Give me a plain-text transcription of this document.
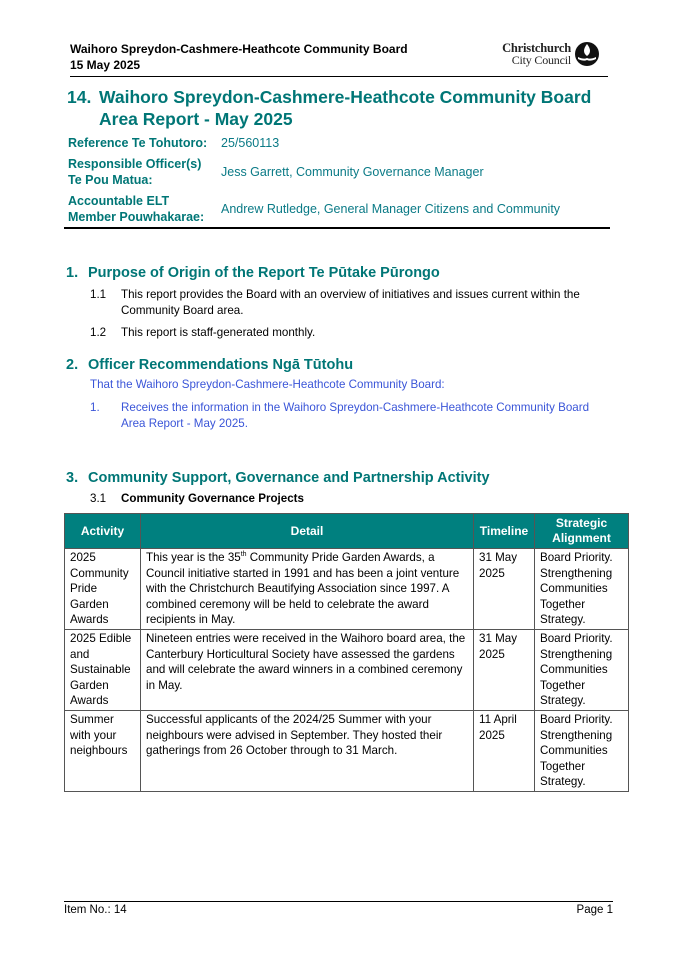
Waihoro Spreydon-Cashmere-Heathcote Community Board
15 May 2025
Christchurch
City Council
14. Waihoro Spreydon-Cashmere-Heathcote Community Board Area Report - May 2025
Reference Te Tohutoro:	25/560113
Responsible Officer(s) Te Pou Matua:	Jess Garrett, Community Governance Manager
Accountable ELT Member Pouwhakarae:	Andrew Rutledge, General Manager Citizens and Community
1. Purpose of Origin of the Report Te Pūtake Pūrongo
1.1 This report provides the Board with an overview of initiatives and issues current within the Community Board area.
1.2 This report is staff-generated monthly.
2. Officer Recommendations Ngā Tūtohu
That the Waihoro Spreydon-Cashmere-Heathcote Community Board:
1. Receives the information in the Waihoro Spreydon-Cashmere-Heathcote Community Board Area Report - May 2025.
3. Community Support, Governance and Partnership Activity
3.1 Community Governance Projects
Activity	Detail	Timeline	Strategic Alignment
2025 Community Pride Garden Awards	This year is the 35th Community Pride Garden Awards, a Council initiative started in 1991 and has been a joint venture with the Christchurch Beautifying Association since 1997. A combined ceremony will be held to celebrate the award recipients in May.	31 May 2025	Board Priority. Strengthening Communities Together Strategy.
2025 Edible and Sustainable Garden Awards	Nineteen entries were received in the Waihoro board area, the Canterbury Horticultural Society have assessed the gardens and will celebrate the award winners in a combined ceremony in May.	31 May 2025	Board Priority. Strengthening Communities Together Strategy.
Summer with your neighbours	Successful applicants of the 2024/25 Summer with your neighbours were advised in September. They hosted their gatherings from 26 October through to 31 March.	11 April 2025	Board Priority. Strengthening Communities Together Strategy.
Item No.: 14	Page 1
